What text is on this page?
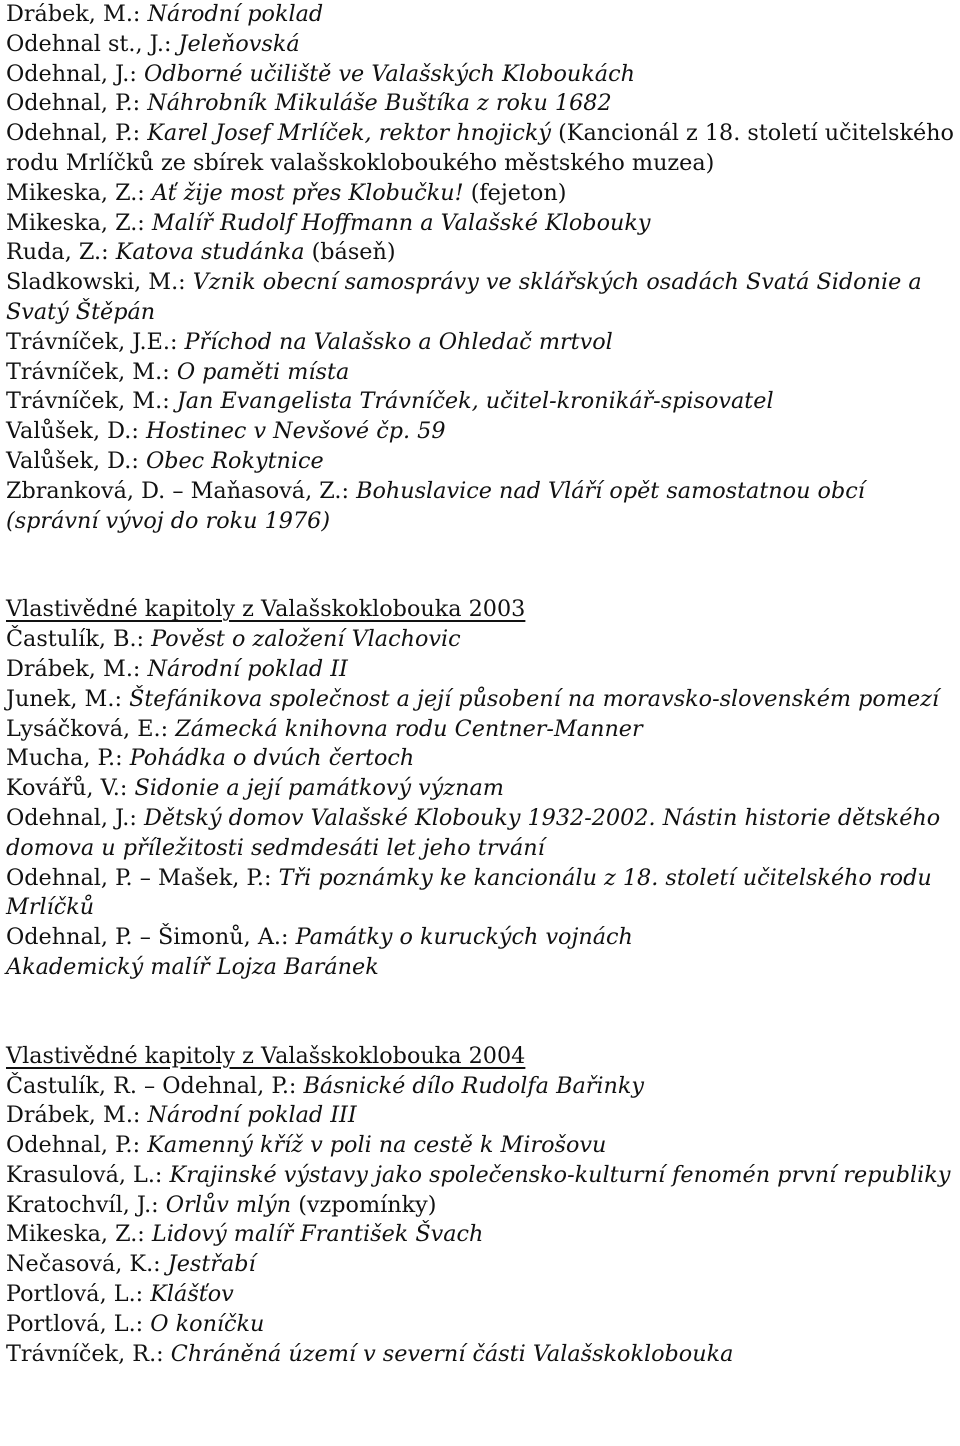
Drábek, M.: Národní poklad

Odehnal st., J.: Jeleňovská

Odehnal, J.: Odborné učiliště ve Valašských Kloboukách

Odehnal, P.: Náhrobník Mikuláše Buštíka z roku 1682

Odehnal, P.: Karel Josef Mrlíček, rektor hnojický (Kancionál z 18. století učitelského rodu Mrlíčků ze sbírek valašskokloboukého městského muzea)

Mikeska, Z.: Ať žije most přes Klobučku! (fejeton)

Mikeska, Z.: Malíř Rudolf Hoffmann a Valašské Klobouky

Ruda, Z.: Katova studánka (báseň)

Sladkowski, M.: Vznik obecní samosprávy ve sklářských osadách Svatá Sidonie a Svatý Štěpán

Trávníček, J.E.: Příchod na Valašsko a Ohledač mrtvol

Trávníček, M.: O paměti místa

Trávníček, M.: Jan Evangelista Trávníček, učitel-kronikář-spisovatel

Valůšek, D.: Hostinec v Nevšové čp. 59

Valůšek, D.: Obec Rokytnice

Zbranková, D. – Maňasová, Z.: Bohuslavice nad Vláří opět samostatnou obcí (správní vývoj do roku 1976)

Vlastivědné kapitoly z Valašskoklobouka 2003

Častulík, B.: Pověst o založení Vlachovic

Drábek, M.: Národní poklad II

Junek, M.: Štefánikova společnost a její působení na moravsko-slovenském pomezí

Lysáčková, E.: Zámecká knihovna rodu Centner-Manner

Mucha, P.: Pohádka o dvúch čertoch

Kovářů, V.: Sidonie a její památkový význam

Odehnal, J.: Dětský domov Valašské Klobouky 1932-2002. Nástin historie dětského domova u příležitosti sedmdesáti let jeho trvání

Odehnal, P. – Mašek, P.: Tři poznámky ke kancionálu z 18. století učitelského rodu Mrlíčků

Odehnal, P. – Šimonů, A.: Památky o kuruckých vojnách

Akademický malíř Lojza Baránek

Vlastivědné kapitoly z Valašskoklobouka 2004

Častulík, R. – Odehnal, P.: Básnické dílo Rudolfa Bařinky

Drábek, M.: Národní poklad III

Odehnal, P.: Kamenný kříž v poli na cestě k Mirošovu

Krasulová, L.: Krajinské výstavy jako společensko-kulturní fenomén první republiky

Kratochvíl, J.: Orlův mlýn (vzpomínky)

Mikeska, Z.: Lidový malíř František Švach

Nečasová, K.: Jestřabí

Portlová, L.: Klášťov

Portlová, L.: O koníčku

Trávníček, R.: Chráněná území v severní části Valašskoklobouka
